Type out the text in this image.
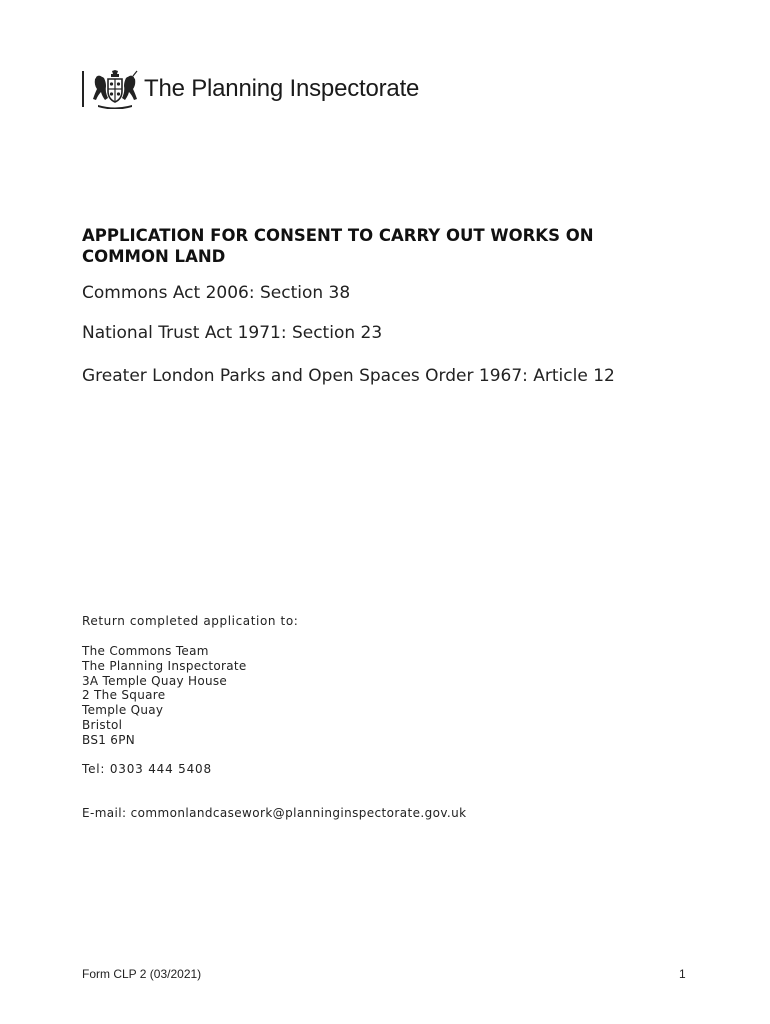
The Planning Inspectorate
APPLICATION FOR CONSENT TO CARRY OUT WORKS ON COMMON LAND

Commons Act 2006: Section 38

National Trust Act 1971: Section 23

Greater London Parks and Open Spaces Order 1967: Article 12

Return completed application to:

The Commons Team
The Planning Inspectorate
3A Temple Quay House
2 The Square
Temple Quay
Bristol
BS1 6PN

Tel: 0303 444 5408

E-mail: commonlandcasework@planninginspectorate.gov.uk

Form CLP 2 (03/2021)	1
